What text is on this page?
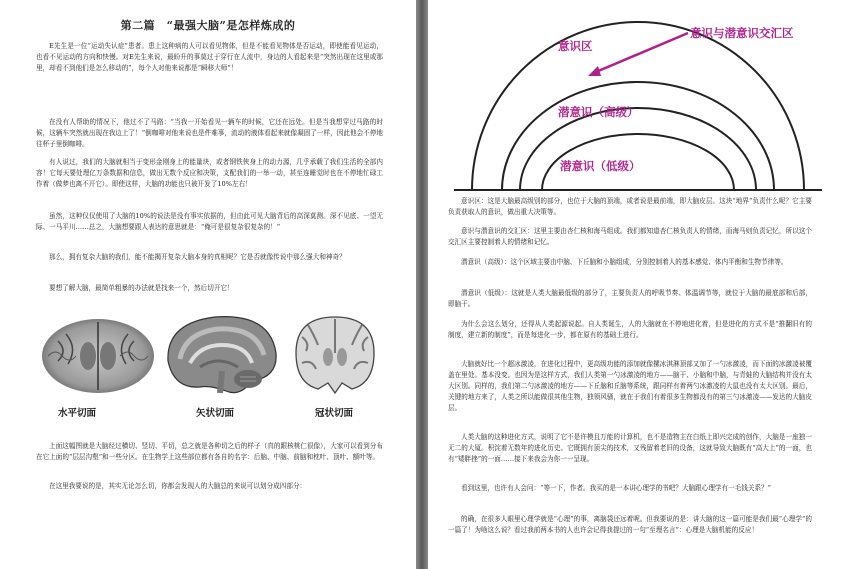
第二篇　“最强大脑”是怎样炼成的

E先生是一位“运动失认症”患者。患上这种病的人可以看见物体，但是不能看见物体是否运动，即使能看见运动，也看不见运动的方向和快慢。对E先生来说，最盼升的事莫过于穿行在人流中，身边的人看起来是“突然出现在这里或那里，却看不到他们是怎么移动的”，每个人对他来说都是“瞬移大师”！

在没有人帮助的情况下，他过不了马路：“当我一开始看见一辆车的时候，它还在远处。但是当我想穿过马路的时候，这辆车突然就出现在我边上了！”倒咖啡对他来说也是件难事，流动的液体看起来就像凝固了一样，因此他会不停地往杯子里倒咖啡。

有人说过，我们的大脑就相当于变形金刚身上的能量块，或者钢铁侠身上的动力源，几乎承载了我们生活的全部内容！它每天要处理亿万条数据和信息，做出无数个反应和决策，支配我们的一举一动，甚至连睡觉时也在不停地忙碌工作着（做梦也离不开它）。即使这样，大脑的功能也只被开发了10%左右！

虽然，这种仅仅使用了大脑的10%的说法是没有事实依据的，但由此可见大脑背后的高深莫测。深不见底、一望无际、一马平川……总之，大脑想要跟人表达的意思就是：“俺可是很复杂很复杂的！”

那么，拥有复杂大脑的我们，能不能揭开复杂大脑本身的真相呢？它是否就像传说中那么强大和神奇？

要想了解大脑，最简单粗暴的办法就是找来一个，然后切开它！

水平切面	矢状切面	冠状切面

上面这幅图就是大脑经过横切、竖切、平切，总之就是各种切之后的样子（真的跟核桃仁很像），大家可以看到分布在它上面的“层层沟壑”和一些分区。在生物学上这些部位都有各自的名字：后脑、中脑、前脑和枕叶、顶叶、额叶等。

在这里我要说的是，其实无论怎么切，你都会发现人的大脑总的来说可以划分成四部分：

意识与潜意识交汇区
意识区
潜意识（高级）
潜意识（低级）

意识区：这是大脑最高级别的部分，也位于大脑的顶端，或者说是最前端，即大脑皮层。这块“地界”负责什么呢？它主要负责获取人的意识，做出重大决策等。

意识与潜意识的交汇区：这里主要由杏仁核和海马组成。我们都知道杏仁核负责人的情绪，而海马则负责记忆，所以这个交汇区主要控制着人的情绪和记忆。

潜意识（高级）：这个区域主要由中脑、下丘脑和小脑组成，分别控制着人的基本感觉、体内平衡和生物节律等。

潜意识（低级）：这就是人类大脑最低级的部分了，主要负责人的呼吸节奏、体温调节等，就位于大脑的最底部和后部，即脑干。

为什么会这么划分，还得从人类起源说起。自人类诞生，人的大脑就在不停地进化着，但是进化的方式不是“推翻旧有的制度，建立新的制度”，而是每进化一步，都在原有的基础上进行。

大脑就好比一个超冰激凌，在进化过程中，更高级功能的添加就像摞冰淇淋顶部又加了一勺冰激凌，而下面的冰激凌被覆盖在里处。基本没变。也因为是这样方式，我们人类第一勺冰激凌的地方——脑干、小脑和中脑，与青蛙的大脑结构并没有太大区别。同样的，我们第二勺冰激凌的地方——下丘脑和丘脑等系统，跟同样有着两勺冰激凌的大鼠也没有太大区别。最后，关键的地方来了，人类之所以能做很其他生物，独领风骚，就在于我们有着很多生物都没有的第三勺冰激凌——发达的大脑皮层。

人类大脑的这种进化方式，说明了它不是许模且万能的计算机，也不是造物主在白纸上即兴完成的创作，大脑是一座独一无二的大厦。积淀着无数年的进化历史。它既拥有顶尖的技术，又残留着老旧的设备，这就导致大脑既有“高大上”的一面，也有“矮胖挫”的一面……接下来我会为你一一呈现。

看到这里，也许有人会问：“等一下，作者。我买的是一本讲心理学的书吧？大脑跟心理学有一毛钱关系？”

的确，在很多人眼里心理学就是“心理”的事，离脑袋还远着呢。但我要说的是：讲大脑的这一篇可能是我们最“心理学”的一篇了！为啥这么说？看过我前两本书的人也许会记得我提过的一句“至理名言”：心理是大脑机能的反应！
